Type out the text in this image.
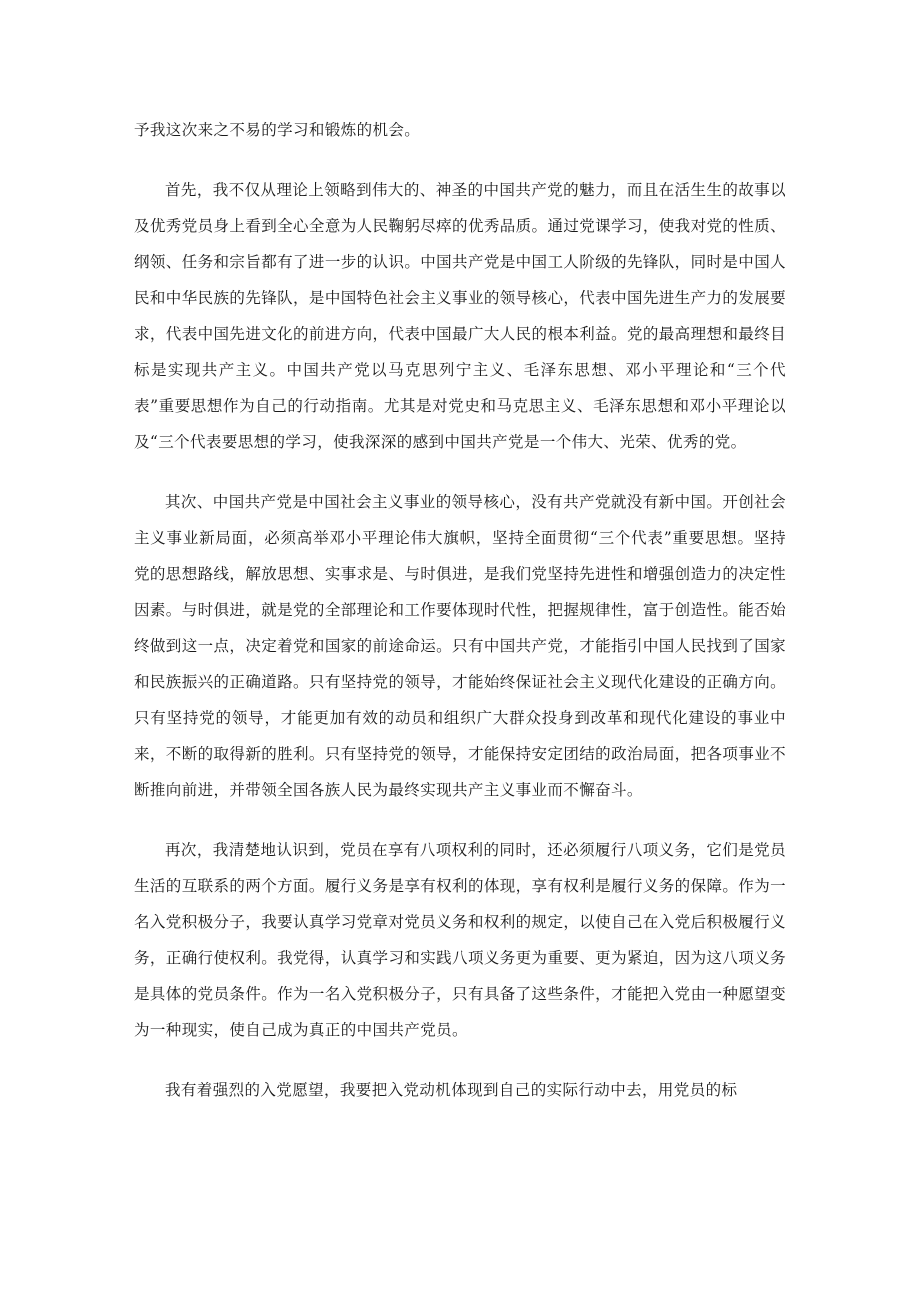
予我这次来之不易的学习和锻炼的机会。

首先，我不仅从理论上领略到伟大的、神圣的中国共产党的魅力，而且在活生生的故事以及优秀党员身上看到全心全意为人民鞠躬尽瘁的优秀品质。通过党课学习，使我对党的性质、纲领、任务和宗旨都有了进一步的认识。中国共产党是中国工人阶级的先锋队，同时是中国人民和中华民族的先锋队，是中国特色社会主义事业的领导核心，代表中国先进生产力的发展要求，代表中国先进文化的前进方向，代表中国最广大人民的根本利益。党的最高理想和最终目标是实现共产主义。中国共产党以马克思列宁主义、毛泽东思想、邓小平理论和“三个代表”重要思想作为自己的行动指南。尤其是对党史和马克思主义、毛泽东思想和邓小平理论以及“三个代表要思想的学习，使我深深的感到中国共产党是一个伟大、光荣、优秀的党。

其次、中国共产党是中国社会主义事业的领导核心，没有共产党就没有新中国。开创社会主义事业新局面，必须高举邓小平理论伟大旗帜，坚持全面贯彻“三个代表”重要思想。坚持党的思想路线，解放思想、实事求是、与时俱进，是我们党坚持先进性和增强创造力的决定性因素。与时俱进，就是党的全部理论和工作要体现时代性，把握规律性，富于创造性。能否始终做到这一点，决定着党和国家的前途命运。只有中国共产党，才能指引中国人民找到了国家和民族振兴的正确道路。只有坚持党的领导，才能始终保证社会主义现代化建设的正确方向。只有坚持党的领导，才能更加有效的动员和组织广大群众投身到改革和现代化建设的事业中来，不断的取得新的胜利。只有坚持党的领导，才能保持安定团结的政治局面，把各项事业不断推向前进，并带领全国各族人民为最终实现共产主义事业而不懈奋斗。

再次，我清楚地认识到，党员在享有八项权利的同时，还必须履行八项义务，它们是党员生活的互联系的两个方面。履行义务是享有权利的体现，享有权利是履行义务的保障。作为一名入党积极分子，我要认真学习党章对党员义务和权利的规定，以使自己在入党后积极履行义务，正确行使权利。我党得，认真学习和实践八项义务更为重要、更为紧迫，因为这八项义务是具体的党员条件。作为一名入党积极分子，只有具备了这些条件，才能把入党由一种愿望变为一种现实，使自己成为真正的中国共产党员。

我有着强烈的入党愿望，我要把入党动机体现到自己的实际行动中去，用党员的标
